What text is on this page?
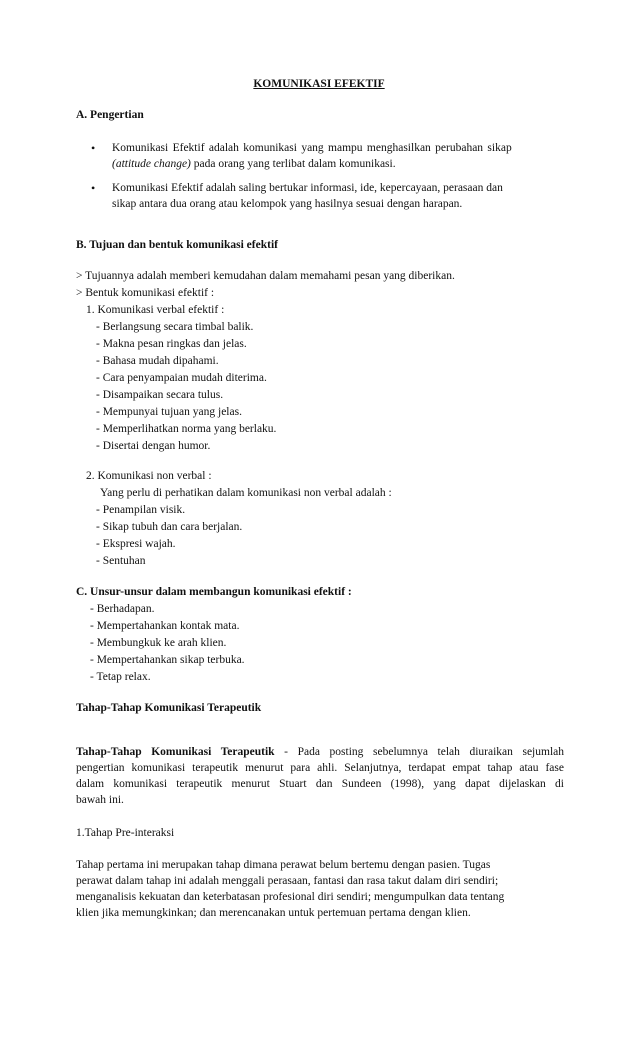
KOMUNIKASI EFEKTIF
A. Pengertian
• Komunikasi Efektif adalah komunikasi yang mampu menghasilkan perubahan sikap
(attitude change) pada orang yang terlibat dalam komunikasi.
• Komunikasi Efektif adalah saling bertukar informasi, ide, kepercayaan, perasaan dan
sikap antara dua orang atau kelompok yang hasilnya sesuai dengan harapan.
B. Tujuan dan bentuk komunikasi efektif
> Tujuannya adalah memberi kemudahan dalam memahami pesan yang diberikan.
> Bentuk komunikasi efektif :
1. Komunikasi verbal efektif :
- Berlangsung secara timbal balik.
- Makna pesan ringkas dan jelas.
- Bahasa mudah dipahami.
- Cara penyampaian mudah diterima.
- Disampaikan secara tulus.
- Mempunyai tujuan yang jelas.
- Memperlihatkan norma yang berlaku.
- Disertai dengan humor.
2. Komunikasi non verbal :
Yang perlu di perhatikan dalam komunikasi non verbal adalah :
- Penampilan visik.
- Sikap tubuh dan cara berjalan.
- Ekspresi wajah.
- Sentuhan
C. Unsur-unsur dalam membangun komunikasi efektif :
- Berhadapan.
- Mempertahankan kontak mata.
- Membungkuk ke arah klien.
- Mempertahankan sikap terbuka.
- Tetap relax.
Tahap-Tahap Komunikasi Terapeutik
Tahap-Tahap Komunikasi Terapeutik - Pada posting sebelumnya telah diuraikan sejumlah
pengertian komunikasi terapeutik menurut para ahli. Selanjutnya, terdapat empat tahap atau fase
dalam komunikasi terapeutik menurut Stuart dan Sundeen (1998), yang dapat dijelaskan di
bawah ini.
1.Tahap Pre-interaksi
Tahap pertama ini merupakan tahap dimana perawat belum bertemu dengan pasien. Tugas
perawat dalam tahap ini adalah menggali perasaan, fantasi dan rasa takut dalam diri sendiri;
menganalisis kekuatan dan keterbatasan profesional diri sendiri; mengumpulkan data tentang
klien jika memungkinkan; dan merencanakan untuk pertemuan pertama dengan klien.
